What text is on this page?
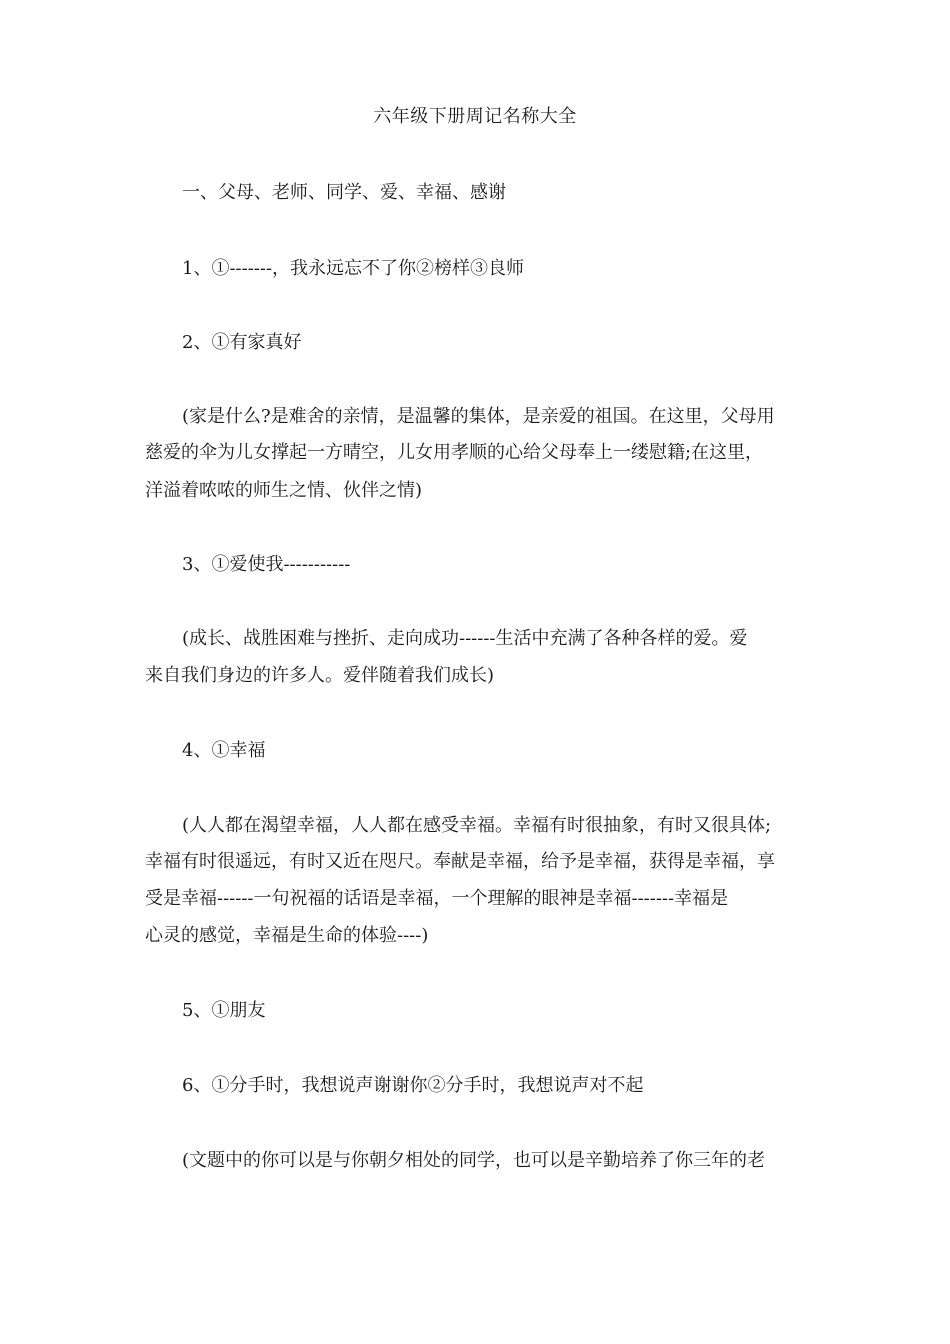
六年级下册周记名称大全
一、父母、老师、同学、爱、幸福、感谢
1、①-------，我永远忘不了你②榜样③良师
2、①有家真好
(家是什么?是难舍的亲情，是温馨的集体，是亲爱的祖国。在这里，父母用
慈爱的伞为儿女撑起一方晴空，儿女用孝顺的心给父母奉上一缕慰籍;在这里，
洋溢着哝哝的师生之情、伙伴之情)
3、①爱使我-----------
(成长、战胜困难与挫折、走向成功------生活中充满了各种各样的爱。爱
来自我们身边的许多人。爱伴随着我们成长)
4、①幸福
(人人都在渴望幸福，人人都在感受幸福。幸福有时很抽象，有时又很具体;
幸福有时很遥远，有时又近在咫尺。奉献是幸福，给予是幸福，获得是幸福，享
受是幸福------一句祝福的话语是幸福，一个理解的眼神是幸福-------幸福是
心灵的感觉，幸福是生命的体验----)
5、①朋友
6、①分手时，我想说声谢谢你②分手时，我想说声对不起
(文题中的你可以是与你朝夕相处的同学，也可以是辛勤培养了你三年的老
